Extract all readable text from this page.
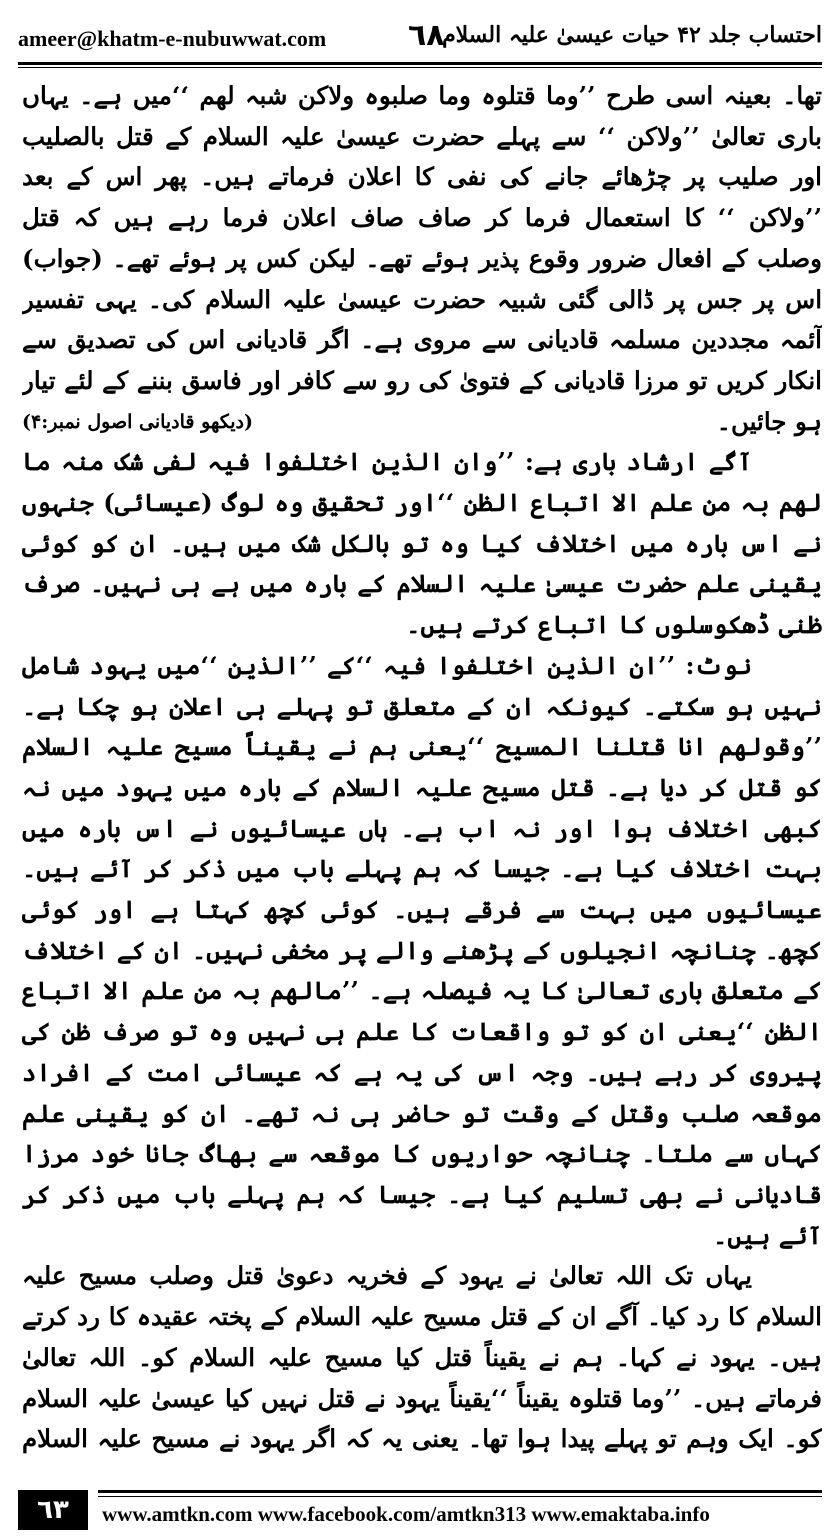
ameer@khatm-e-nubuwwat.com	٦٨
احتساب جلد ۴۲ حیات عیسیٰ علیہ السلام

تھا۔ بعینہ اسی طرح ’’وما قتلوہ وما صلبوہ ولاکن شبہ لھم ‘‘میں ہے۔ یہاں باری تعالیٰ ’’ولاکن ‘‘ سے پہلے حضرت عیسیٰ علیہ السلام کے قتل بالصلیب اور صلیب پر چڑھائے جانے کی نفی کا اعلان فرماتے ہیں۔ پھر اس کے بعد ’’ولاکن ‘‘ کا استعمال فرما کر صاف صاف اعلان فرما رہے ہیں کہ قتل وصلب کے افعال ضرور وقوع پذیر ہوئے تھے۔ لیکن کس پر ہوئے تھے۔ (جواب) اس پر جس پر ڈالی گئی شبیہ حضرت عیسیٰ علیہ السلام کی۔ یہی تفسیر آئمہ مجددین مسلمہ قادیانی سے مروی ہے۔ اگر قادیانی اس کی تصدیق سے انکار کریں تو مرزا قادیانی کے فتویٰ کی رو سے کافر اور فاسق بننے کے لئے تیار ہو جائیں۔
(دیکھو قادیانی اصول نمبر:۴)

آگے ارشاد باری ہے: ’’وان الذین اختلفوا فیہ لفی شک منہ ما لھم بہ من علم الا اتباع الظن ‘‘اور تحقیق وہ لوگ (عیسائی) جنہوں نے اس بارہ میں اختلاف کیا وہ تو بالکل شک میں ہیں۔ ان کو کوئی یقینی علم حضرت عیسیٰ علیہ السلام کے بارہ میں ہے ہی نہیں۔ صرف ظنی ڈھکوسلوں کا اتباع کرتے ہیں۔

نوٹ: ’’ان الذین اختلفوا فیہ ‘‘کے ’’الذین ‘‘میں یہود شامل نہیں ہو سکتے۔ کیونکہ ان کے متعلق تو پہلے ہی اعلان ہو چکا ہے۔ ’’وقولھم انا قتلنا المسیح ‘‘یعنی ہم نے یقیناً مسیح علیہ السلام کو قتل کر دیا ہے۔ قتل مسیح علیہ السلام کے بارہ میں یہود میں نہ کبھی اختلاف ہوا اور نہ اب ہے۔ ہاں عیسائیوں نے اس بارہ میں بہت اختلاف کیا ہے۔ جیسا کہ ہم پہلے باب میں ذکر کر آئے ہیں۔ عیسائیوں میں بہت سے فرقے ہیں۔ کوئی کچھ کہتا ہے اور کوئی کچھ۔ چنانچہ انجیلوں کے پڑھنے والے پر مخفی نہیں۔ ان کے اختلاف کے متعلق باری تعالیٰ کا یہ فیصلہ ہے۔ ’’مالھم بہ من علم الا اتباع الظن ‘‘یعنی ان کو تو واقعات کا علم ہی نہیں وہ تو صرف ظن کی پیروی کر رہے ہیں۔ وجہ اس کی یہ ہے کہ عیسائی امت کے افراد موقعہ صلب وقتل کے وقت تو حاضر ہی نہ تھے۔ ان کو یقینی علم کہاں سے ملتا۔ چنانچہ حواریوں کا موقعہ سے بھاگ جانا خود مرزا قادیانی نے بھی تسلیم کیا ہے۔ جیسا کہ ہم پہلے باب میں ذکر کر آئے ہیں۔

یہاں تک اللہ تعالیٰ نے یہود کے فخریہ دعویٰ قتل وصلب مسیح علیہ السلام کا رد کیا۔ آگے ان کے قتل مسیح علیہ السلام کے پختہ عقیدہ کا رد کرتے ہیں۔ یہود نے کہا۔ ہم نے یقیناً قتل کیا مسیح علیہ السلام کو۔ اللہ تعالیٰ فرماتے ہیں۔ ’’وما قتلوہ یقیناً ‘‘یقیناً یہود نے قتل نہیں کیا عیسیٰ علیہ السلام کو۔ ایک وہم تو پہلے پیدا ہوا تھا۔ یعنی یہ کہ اگر یہود نے مسیح علیہ السلام

٦٣	www.amtkn.com www.facebook.com/amtkn313 www.emaktaba.info
